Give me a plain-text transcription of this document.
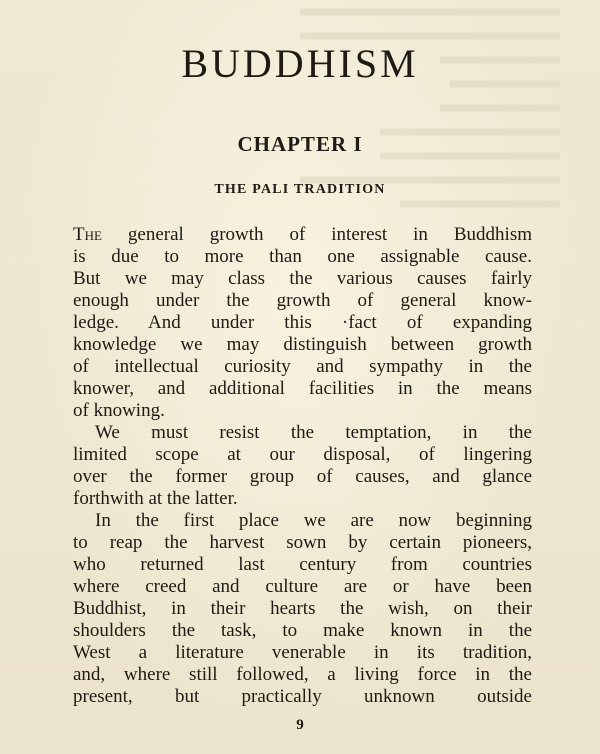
BUDDHISM
CHAPTER I
THE PALI TRADITION

The general growth of interest in Buddhism
is due to more than one assignable cause.
But we may class the various causes fairly
enough under the growth of general know-
ledge. And under this ·fact of expanding
knowledge we may distinguish between growth
of intellectual curiosity and sympathy in the
knower, and additional facilities in the means
of knowing.

We must resist the temptation, in the
limited scope at our disposal, of lingering
over the former group of causes, and glance
forthwith at the latter.

In the first place we are now beginning
to reap the harvest sown by certain pioneers,
who returned last century from countries
where creed and culture are or have been
Buddhist, in their hearts the wish, on their
shoulders the task, to make known in the
West a literature venerable in its tradition,
and, where still followed, a living force in the
present, but practically unknown outside

9
